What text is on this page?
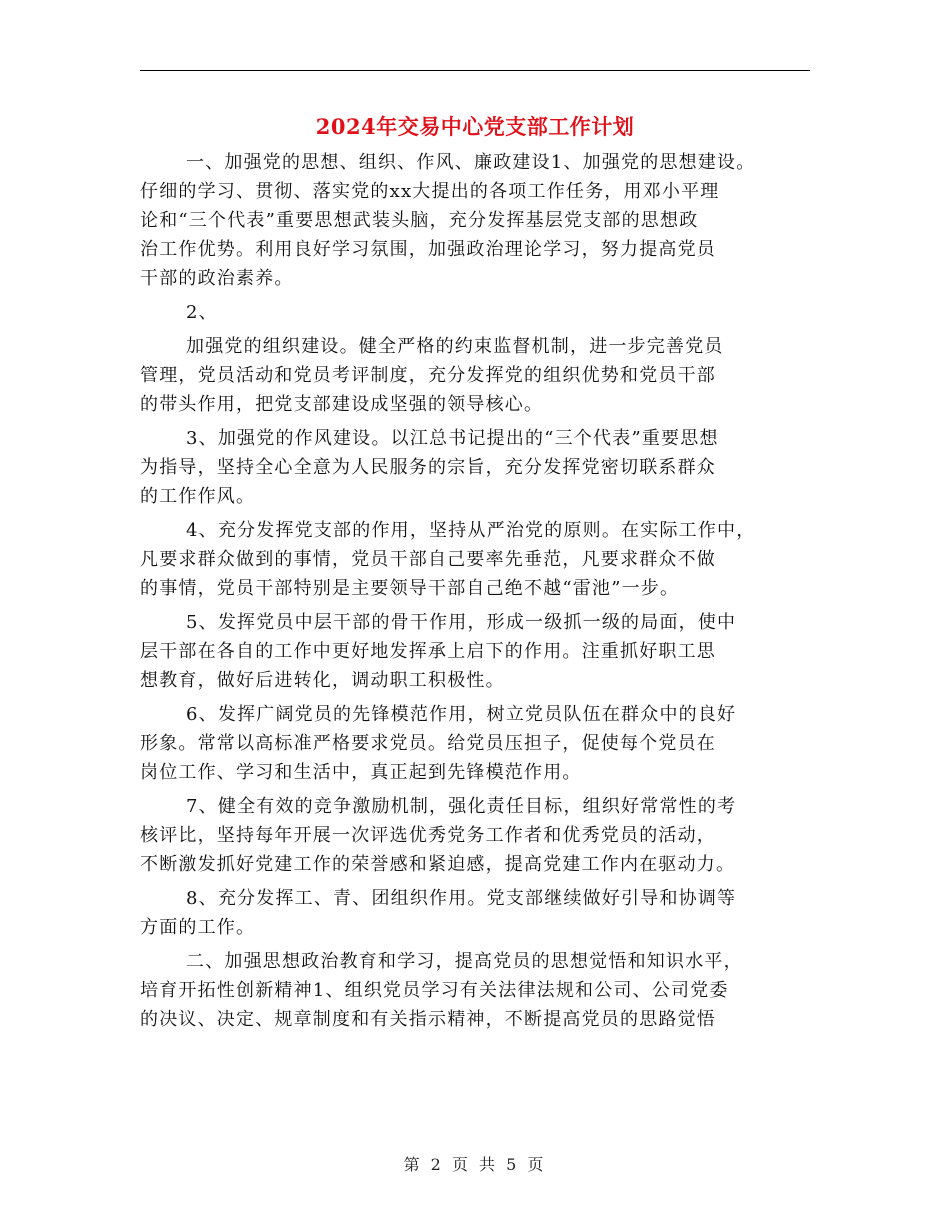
2024年交易中心党支部工作计划
一、加强党的思想、组织、作风、廉政建设1、加强党的思想建设。
仔细的学习、贯彻、落实党的xx大提出的各项工作任务，用邓小平理
论和“三个代表”重要思想武装头脑，充分发挥基层党支部的思想政
治工作优势。利用良好学习氛围，加强政治理论学习，努力提高党员
干部的政治素养。
2、
加强党的组织建设。健全严格的约束监督机制，进一步完善党员
管理，党员活动和党员考评制度，充分发挥党的组织优势和党员干部
的带头作用，把党支部建设成坚强的领导核心。
3、加强党的作风建设。以江总书记提出的“三个代表”重要思想
为指导，坚持全心全意为人民服务的宗旨，充分发挥党密切联系群众
的工作作风。
4、充分发挥党支部的作用，坚持从严治党的原则。在实际工作中，
凡要求群众做到的事情，党员干部自己要率先垂范，凡要求群众不做
的事情，党员干部特别是主要领导干部自己绝不越“雷池”一步。
5、发挥党员中层干部的骨干作用，形成一级抓一级的局面，使中
层干部在各自的工作中更好地发挥承上启下的作用。注重抓好职工思
想教育，做好后进转化，调动职工积极性。
6、发挥广阔党员的先锋模范作用，树立党员队伍在群众中的良好
形象。常常以高标准严格要求党员。给党员压担子，促使每个党员在
岗位工作、学习和生活中，真正起到先锋模范作用。
7、健全有效的竞争激励机制，强化责任目标，组织好常常性的考
核评比，坚持每年开展一次评选优秀党务工作者和优秀党员的活动，
不断激发抓好党建工作的荣誉感和紧迫感，提高党建工作内在驱动力。
8、充分发挥工、青、团组织作用。党支部继续做好引导和协调等
方面的工作。
二、加强思想政治教育和学习，提高党员的思想觉悟和知识水平，
培育开拓性创新精神1、组织党员学习有关法律法规和公司、公司党委
的决议、决定、规章制度和有关指示精神，不断提高党员的思路觉悟
第 2 页 共 5 页
